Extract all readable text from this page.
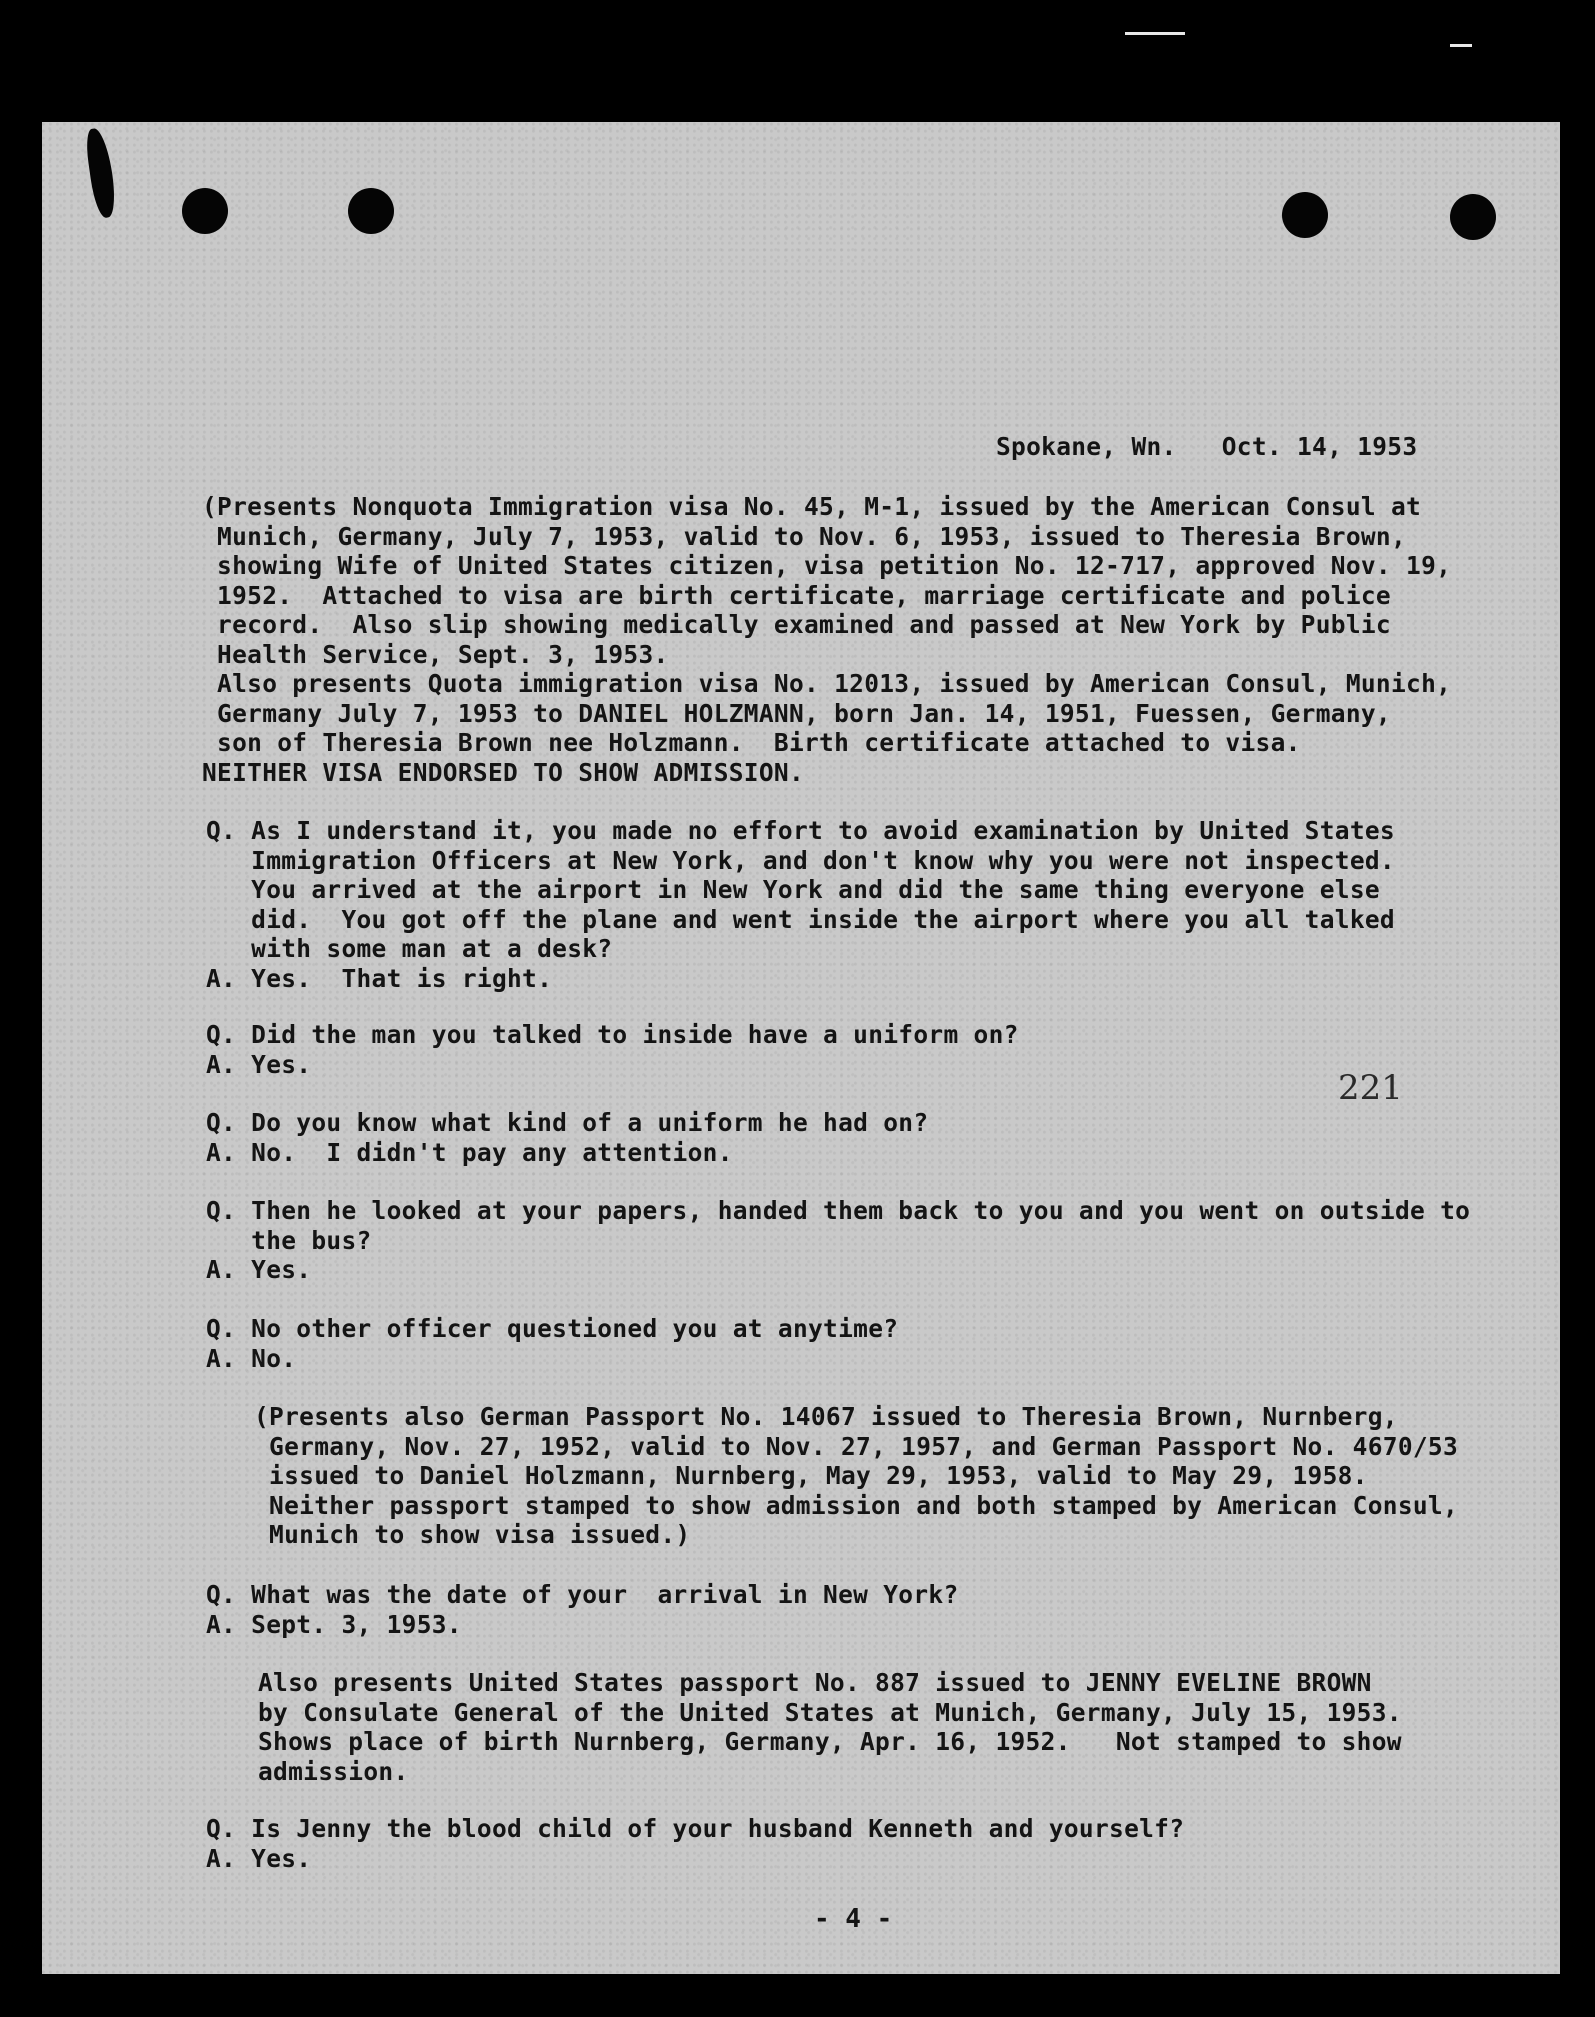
Spokane, Wn.   Oct. 14, 1953
(Presents Nonquota Immigration visa No. 45, M-1, issued by the American Consul at
Munich, Germany, July 7, 1953, valid to Nov. 6, 1953, issued to Theresia Brown,
showing Wife of United States citizen, visa petition No. 12-717, approved Nov. 19,
1952.  Attached to visa are birth certificate, marriage certificate and police
record.  Also slip showing medically examined and passed at New York by Public
Health Service, Sept. 3, 1953.
Also presents Quota immigration visa No. 12013, issued by American Consul, Munich,
Germany July 7, 1953 to DANIEL HOLZMANN, born Jan. 14, 1951, Fuessen, Germany,
son of Theresia Brown nee Holzmann.  Birth certificate attached to visa.
NEITHER VISA ENDORSED TO SHOW ADMISSION.
Q. As I understand it, you made no effort to avoid examination by United States
Immigration Officers at New York, and don't know why you were not inspected.
You arrived at the airport in New York and did the same thing everyone else
did.  You got off the plane and went inside the airport where you all talked
with some man at a desk?
A. Yes.  That is right.
Q. Did the man you talked to inside have a uniform on?
A. Yes.
221
Q. Do you know what kind of a uniform he had on?
A. No.  I didn't pay any attention.
Q. Then he looked at your papers, handed them back to you and you went on outside to
the bus?
A. Yes.
Q. No other officer questioned you at anytime?
A. No.
(Presents also German Passport No. 14067 issued to Theresia Brown, Nurnberg,
Germany, Nov. 27, 1952, valid to Nov. 27, 1957, and German Passport No. 4670/53
issued to Daniel Holzmann, Nurnberg, May 29, 1953, valid to May 29, 1958.
Neither passport stamped to show admission and both stamped by American Consul,
Munich to show visa issued.)
Q. What was the date of your  arrival in New York?
A. Sept. 3, 1953.
Also presents United States passport No. 887 issued to JENNY EVELINE BROWN
by Consulate General of the United States at Munich, Germany, July 15, 1953.
Shows place of birth Nurnberg, Germany, Apr. 16, 1952.   Not stamped to show
admission.
Q. Is Jenny the blood child of your husband Kenneth and yourself?
A. Yes.
- 4 -
